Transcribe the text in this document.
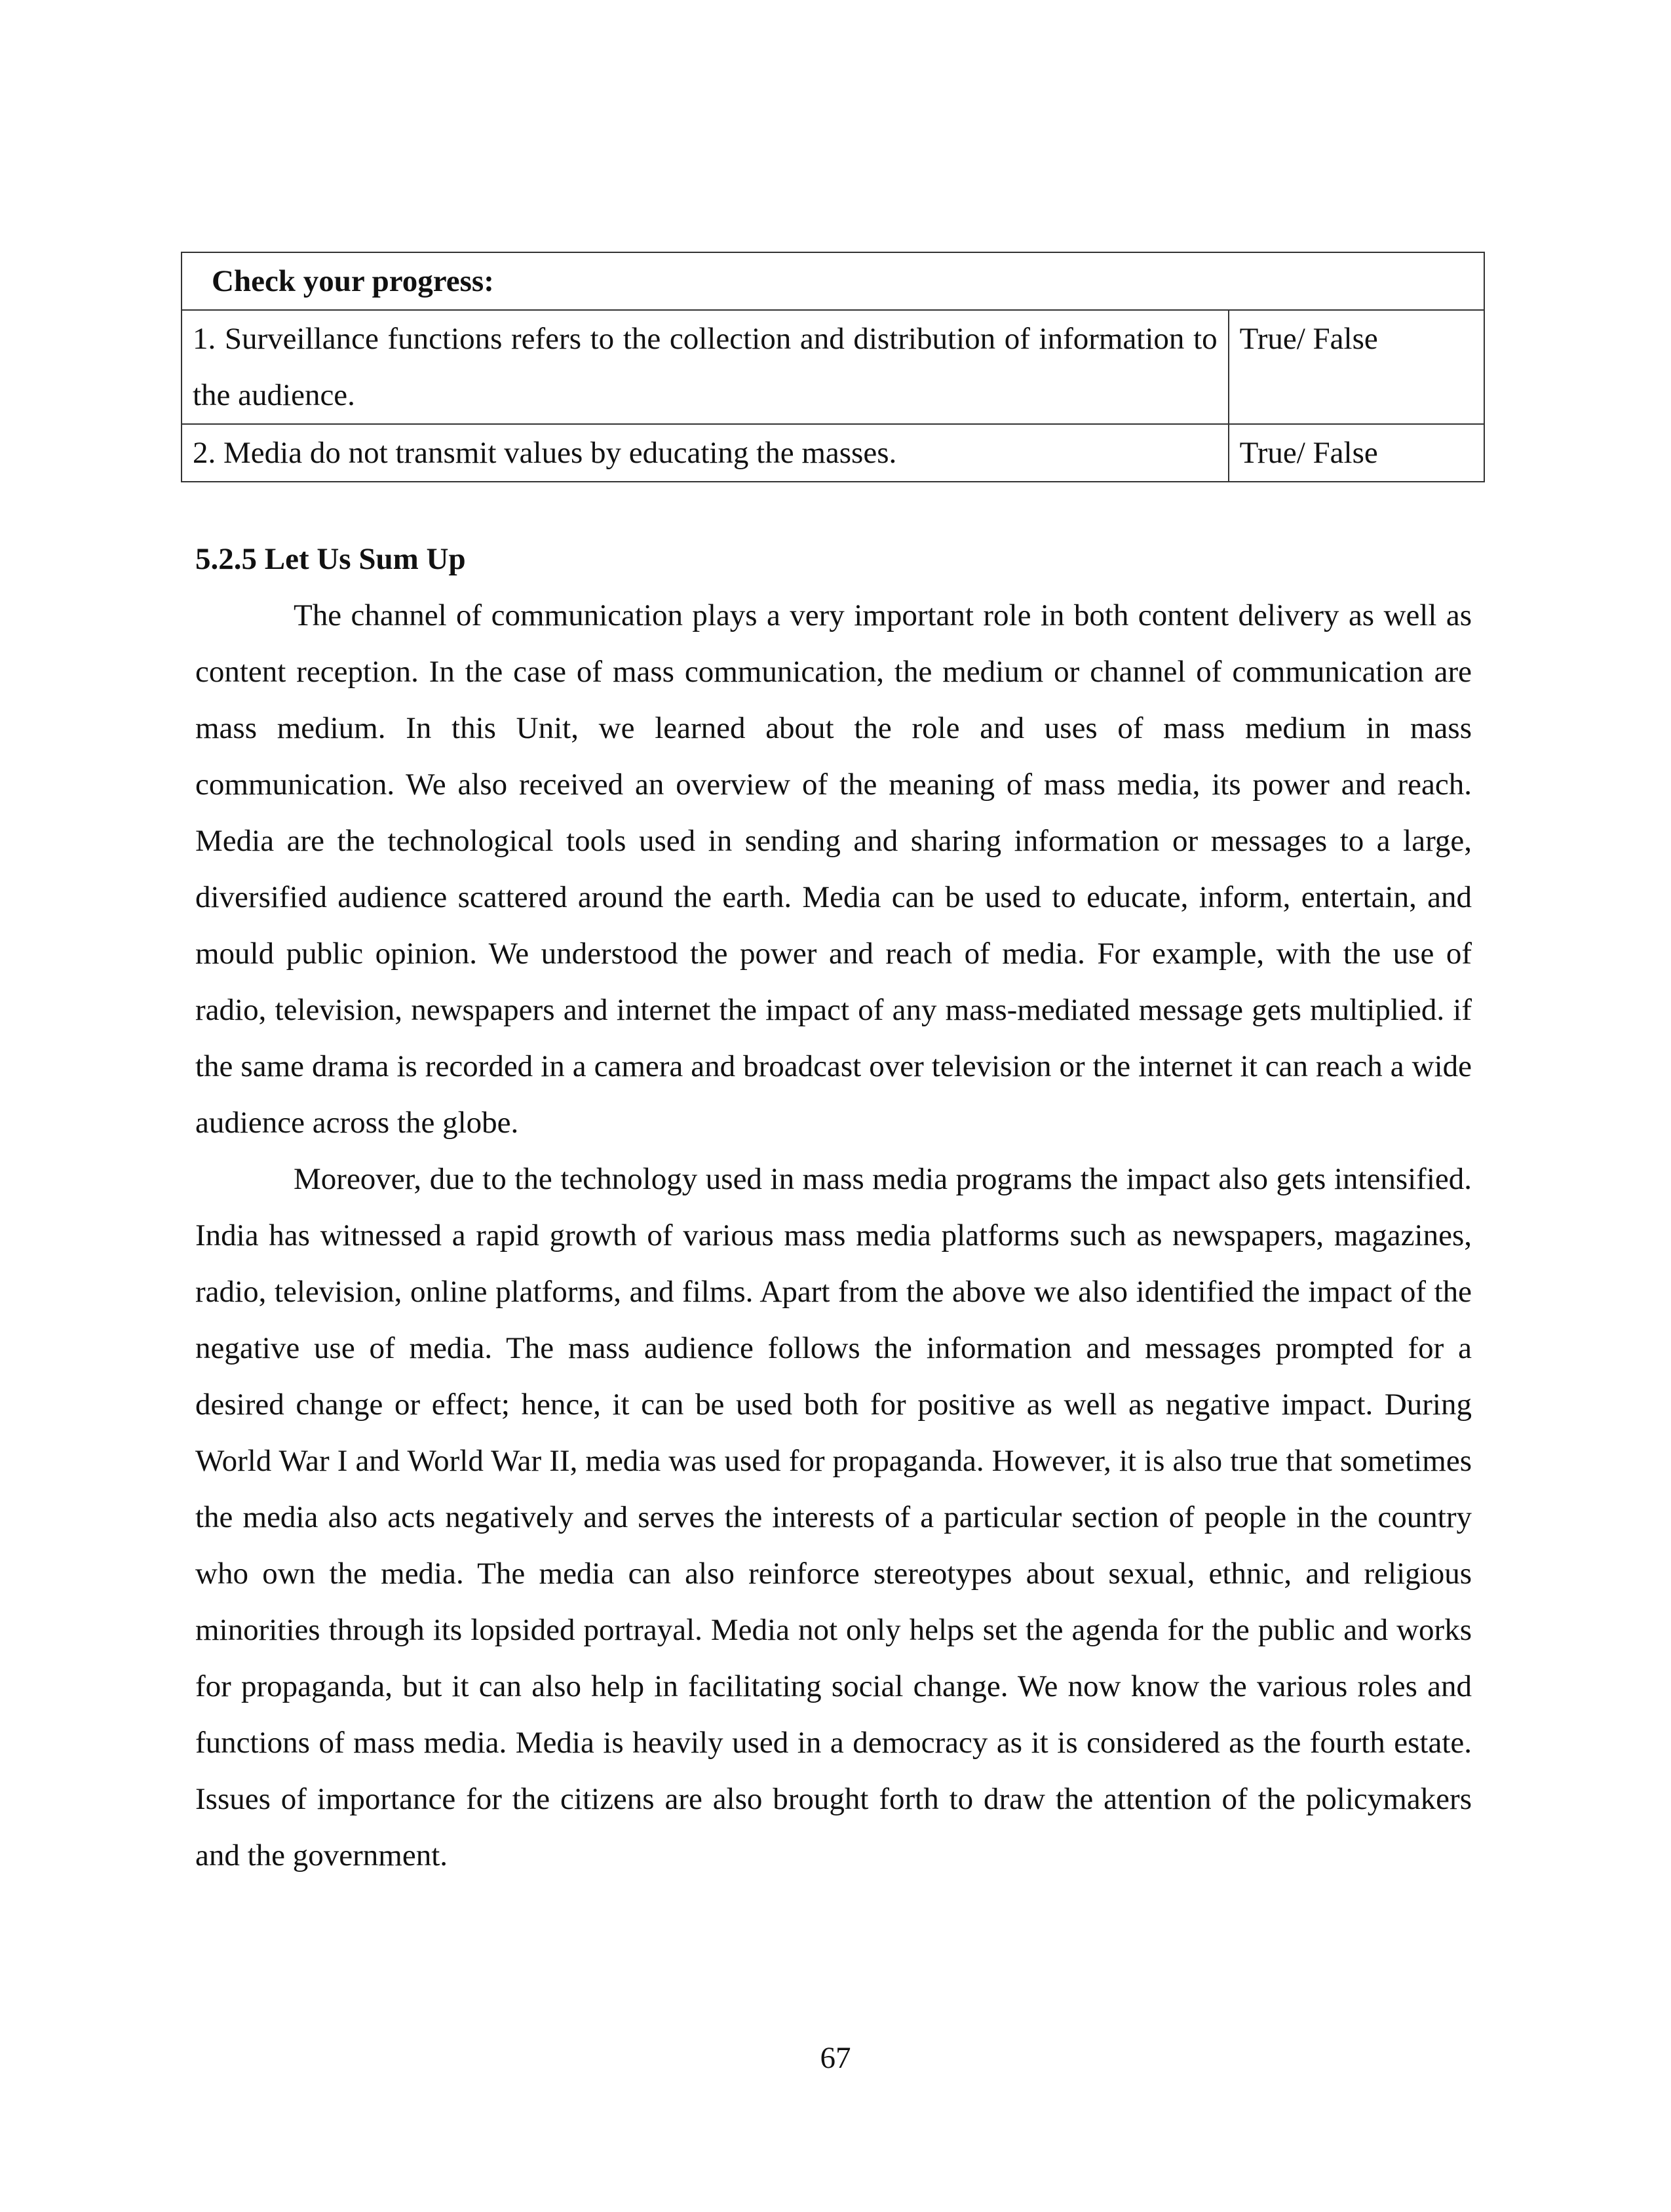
Check your progress:	
1. Surveillance functions refers to the collection and distribution of information to the audience.	True/ False
2. Media do not transmit values by educating the masses.	True/ False
5.2.5 Let Us Sum Up

The channel of communication plays a very important role in both content delivery as well as content reception. In the case of mass communication, the medium or channel of communication are mass medium. In this Unit, we learned about the role and uses of mass medium in mass communication. We also received an overview of the meaning of mass media, its power and reach. Media are the technological tools used in sending and sharing information or messages to a large, diversified audience scattered around the earth. Media can be used to educate, inform, entertain, and mould public opinion. We understood the power and reach of media. For example, with the use of radio, television, newspapers and internet the impact of any mass-mediated message gets multiplied. if the same drama is recorded in a camera and broadcast over television or the internet it can reach a wide audience across the globe.

Moreover, due to the technology used in mass media programs the impact also gets intensified. India has witnessed a rapid growth of various mass media platforms such as newspapers, magazines, radio, television, online platforms, and films. Apart from the above we also identified the impact of the negative use of media. The mass audience follows the information and messages prompted for a desired change or effect; hence, it can be used both for positive as well as negative impact. During World War I and World War II, media was used for propaganda. However, it is also true that sometimes the media also acts negatively and serves the interests of a particular section of people in the country who own the media. The media can also reinforce stereotypes about sexual, ethnic, and religious minorities through its lopsided portrayal. Media not only helps set the agenda for the public and works for propaganda, but it can also help in facilitating social change. We now know the various roles and functions of mass media. Media is heavily used in a democracy as it is considered as the fourth estate. Issues of importance for the citizens are also brought forth to draw the attention of the policymakers and the government.

67
